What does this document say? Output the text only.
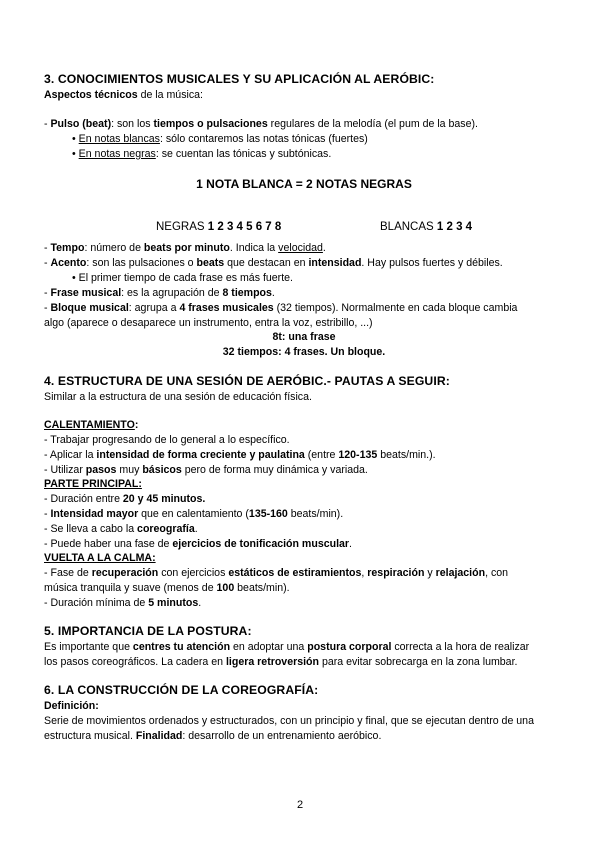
3. CONOCIMIENTOS MUSICALES Y SU APLICACIÓN AL AERÓBIC:
Aspectos técnicos de la música:
- Pulso (beat): son los tiempos o pulsaciones regulares de la melodía (el pum de la base).
• En notas blancas: sólo contaremos las notas tónicas (fuertes)
• En notas negras: se cuentan las tónicas y subtónicas.
1 NOTA BLANCA = 2 NOTAS NEGRAS
NEGRAS 1 2 3 4 5 6 7 8	BLANCAS 1 2 3 4
- Tempo: número de beats por minuto. Indica la velocidad.
- Acento: son las pulsaciones o beats que destacan en intensidad. Hay pulsos fuertes y débiles.
• El primer tiempo de cada frase es más fuerte.
- Frase musical: es la agrupación de 8 tiempos.
- Bloque musical: agrupa a 4 frases musicales (32 tiempos). Normalmente en cada bloque cambia
algo (aparece o desaparece un instrumento, entra la voz, estribillo, ...)
8t: una frase
32 tiempos: 4 frases. Un bloque.
4. ESTRUCTURA DE UNA SESIÓN DE AERÓBIC.- PAUTAS A SEGUIR:
Similar a la estructura de una sesión de educación física.
CALENTAMIENTO:
- Trabajar progresando de lo general a lo específico.
- Aplicar la intensidad de forma creciente y paulatina (entre 120-135 beats/min.).
- Utilizar pasos muy básicos pero de forma muy dinámica y variada.
PARTE PRINCIPAL:
- Duración entre 20 y 45 minutos.
- Intensidad mayor que en calentamiento (135-160 beats/min).
- Se lleva a cabo la coreografía.
- Puede haber una fase de ejercicios de tonificación muscular.
VUELTA A LA CALMA:
- Fase de recuperación con ejercicios estáticos de estiramientos, respiración y relajación, con
música tranquila y suave (menos de 100 beats/min).
- Duración mínima de 5 minutos.
5. IMPORTANCIA DE LA POSTURA:
Es importante que centres tu atención en adoptar una postura corporal correcta a la hora de realizar
los pasos coreográficos. La cadera en ligera retroversión para evitar sobrecarga en la zona lumbar.
6. LA CONSTRUCCIÓN DE LA COREOGRAFÍA:
Definición:
Serie de movimientos ordenados y estructurados, con un principio y final, que se ejecutan dentro de una
estructura musical. Finalidad: desarrollo de un entrenamiento aeróbico.
2
